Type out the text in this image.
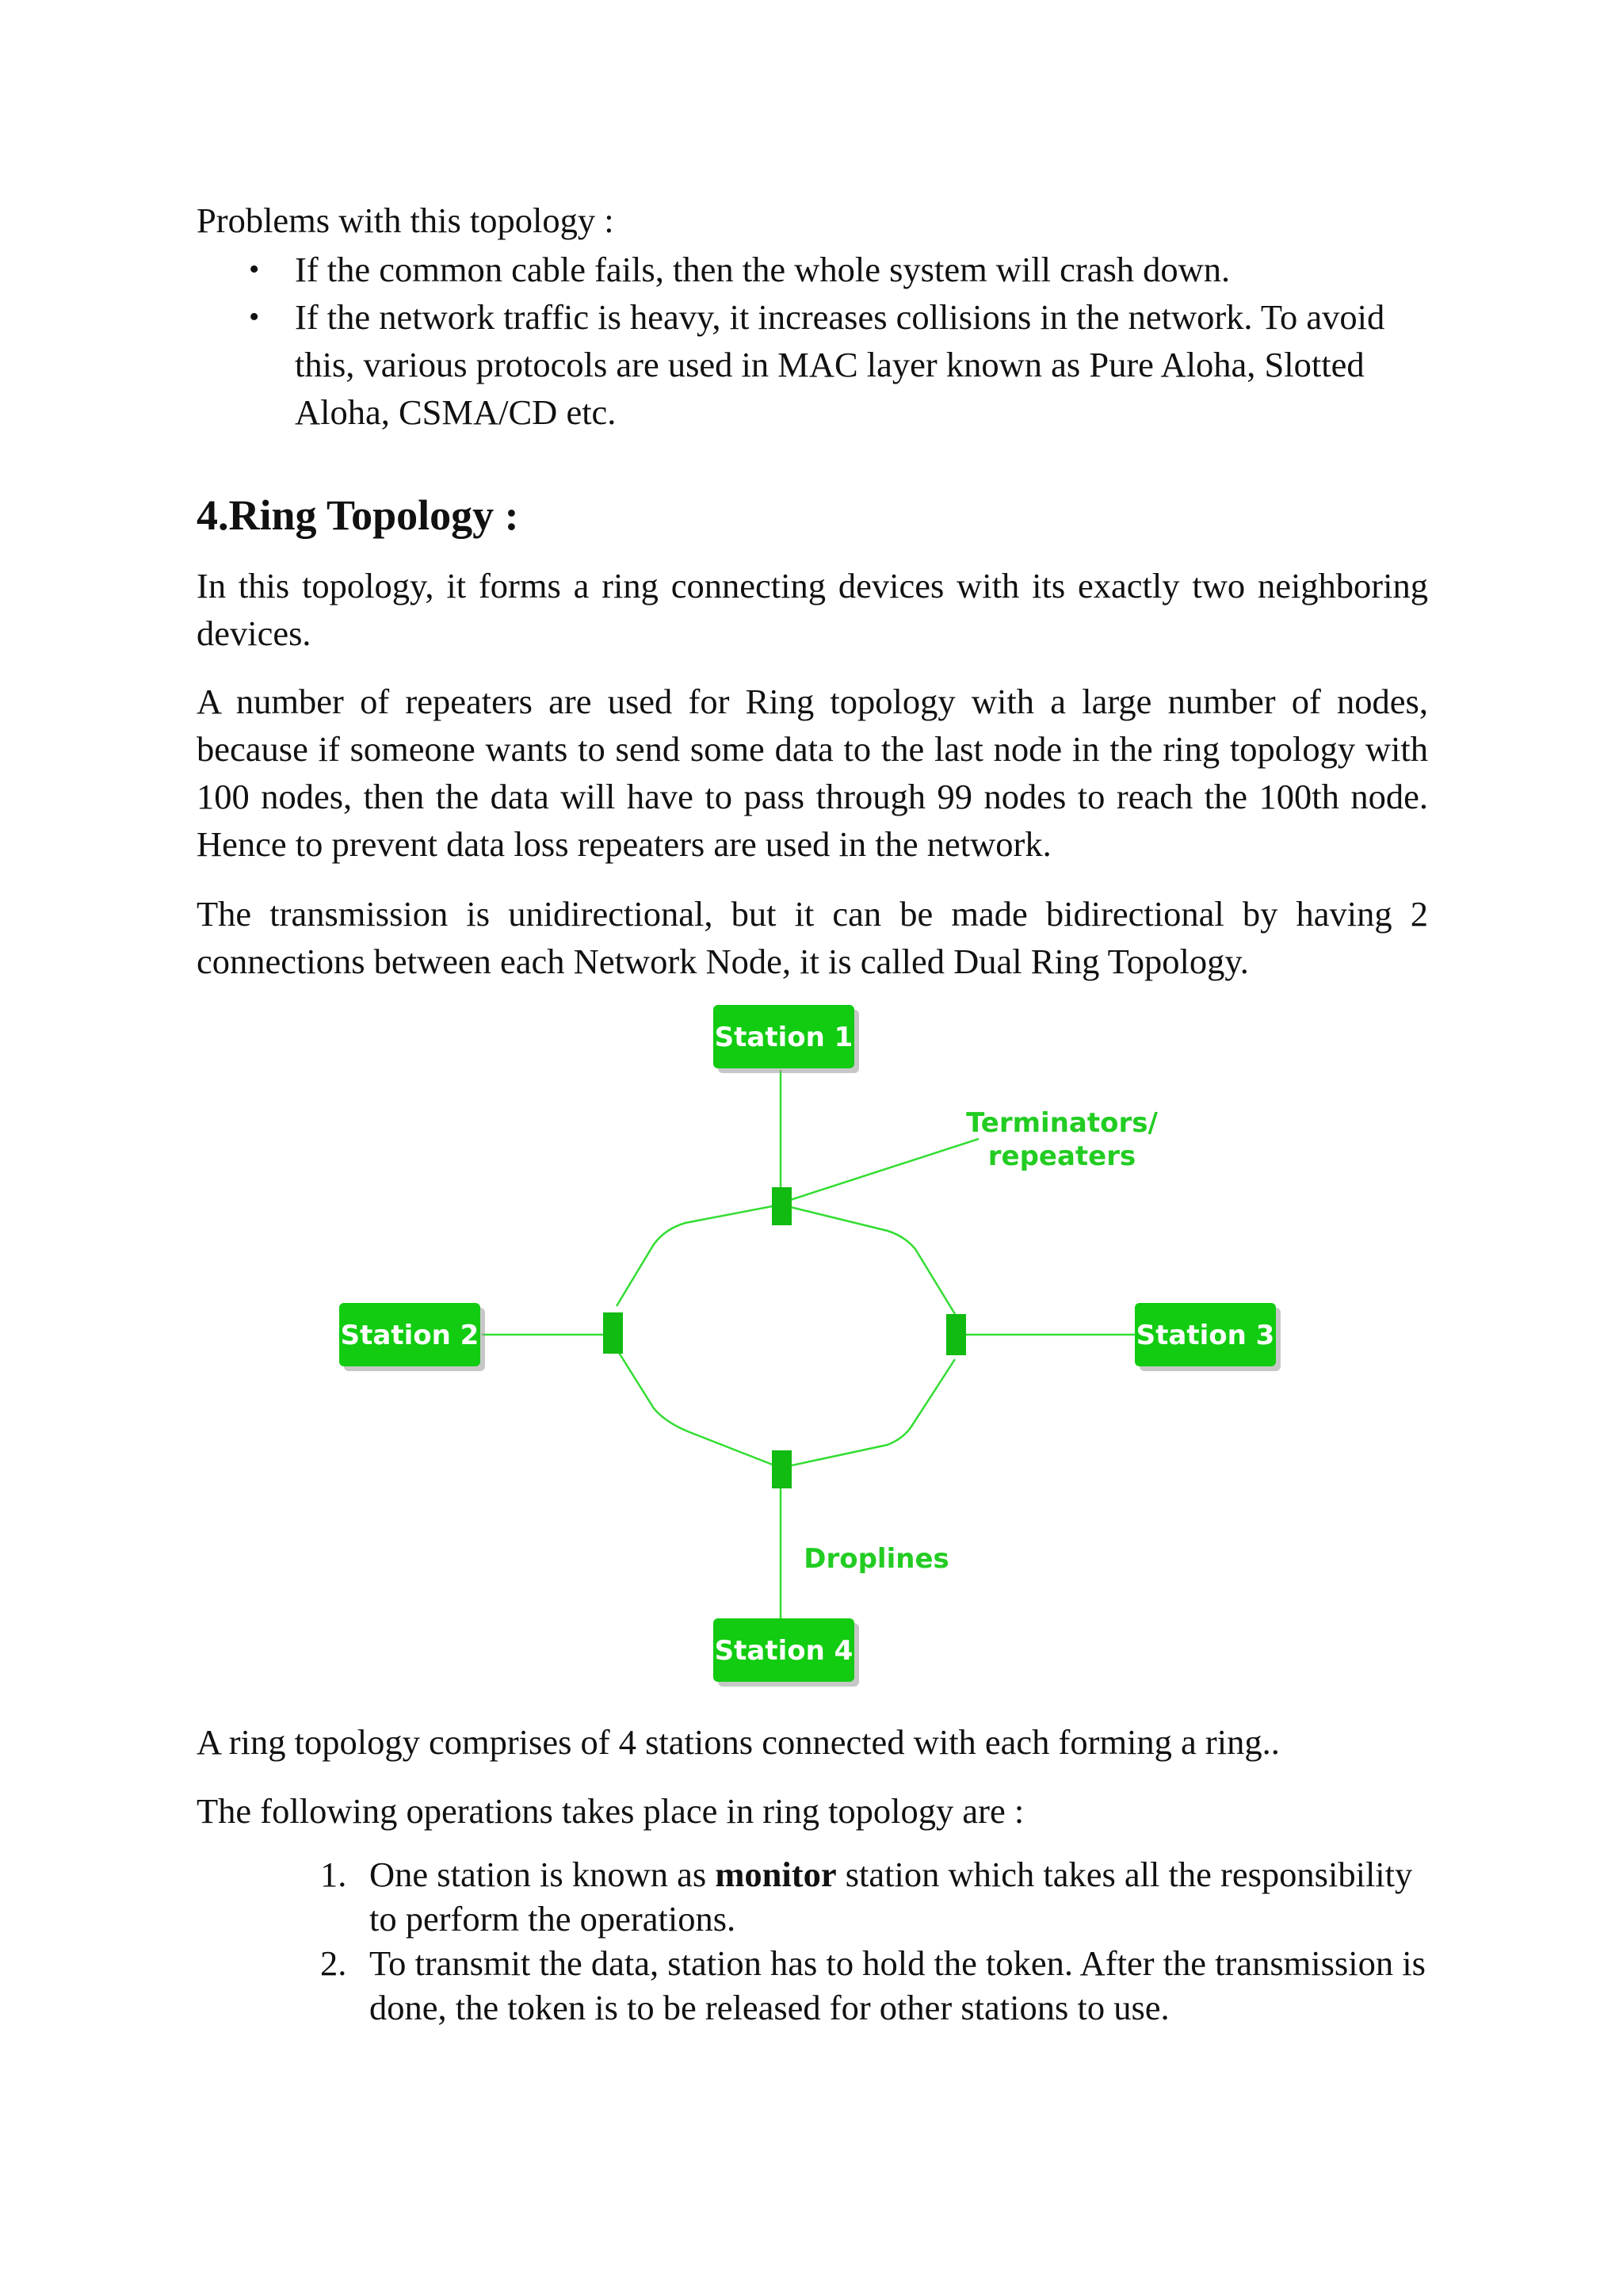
Problems with this topology :
• If the common cable fails, then the whole system will crash down.
• If the network traffic is heavy, it increases collisions in the network. To avoid this, various protocols are used in MAC layer known as Pure Aloha, Slotted Aloha, CSMA/CD etc.
4.Ring Topology :
In this topology, it forms a ring connecting devices with its exactly two neighboring devices.
A number of repeaters are used for Ring topology with a large number of nodes, because if someone wants to send some data to the last node in the ring topology with 100 nodes, then the data will have to pass through 99 nodes to reach the 100th node. Hence to prevent data loss repeaters are used in the network.
The transmission is unidirectional, but it can be made bidirectional by having 2 connections between each Network Node, it is called Dual Ring Topology.
Station 1
Station 2	Station 3
Station 4
Terminators/
repeaters
Droplines
A ring topology comprises of 4 stations connected with each forming a ring..
The following operations takes place in ring topology are :
1. One station is known as monitor station which takes all the responsibility to perform the operations.
2. To transmit the data, station has to hold the token. After the transmission is done, the token is to be released for other stations to use.
